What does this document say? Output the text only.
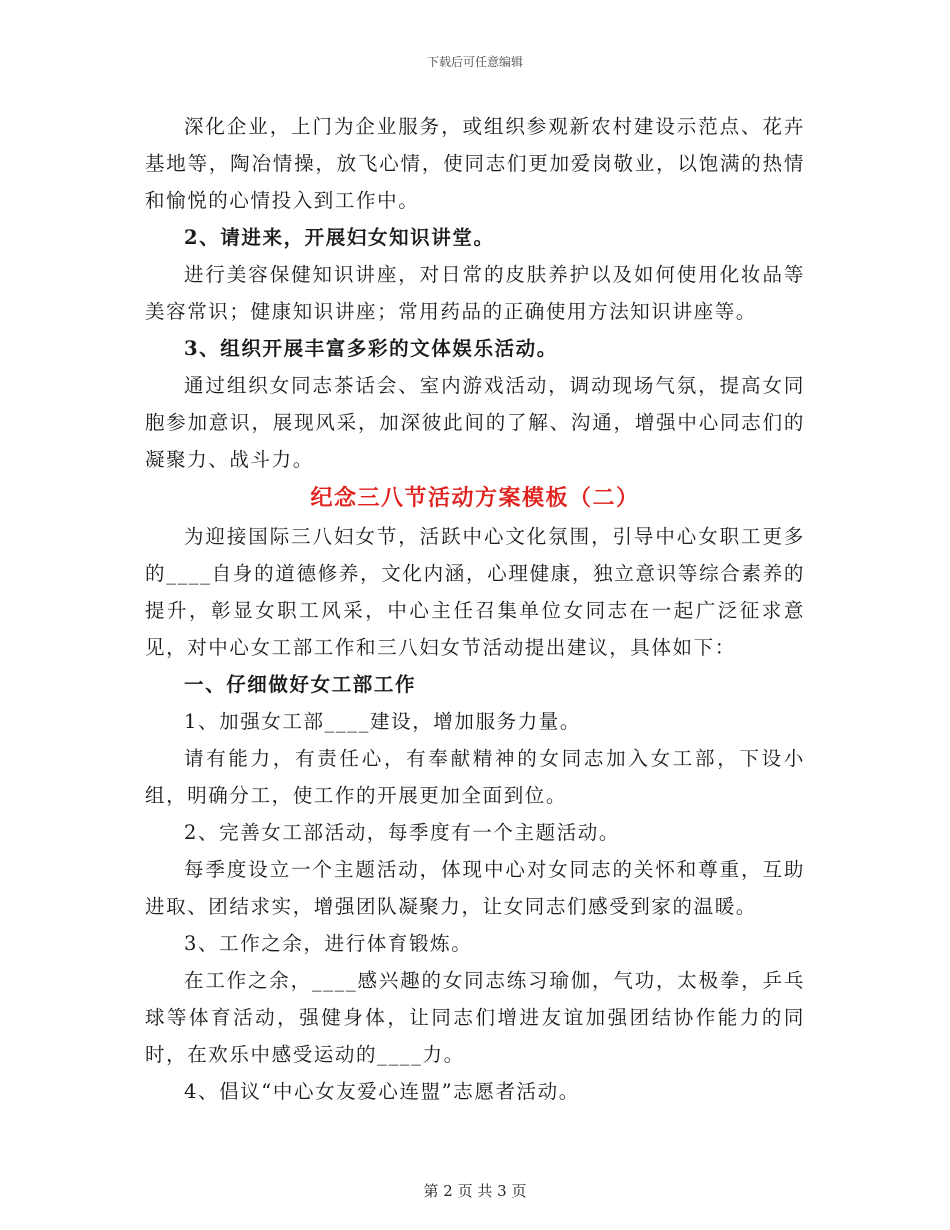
下载后可任意编辑

深化企业，上门为企业服务，或组织参观新农村建设示范点、花卉基地等，陶冶情操，放飞心情，使同志们更加爱岗敬业，以饱满的热情和愉悦的心情投入到工作中。

2、请进来，开展妇女知识讲堂。

进行美容保健知识讲座，对日常的皮肤养护以及如何使用化妆品等美容常识；健康知识讲座；常用药品的正确使用方法知识讲座等。

3、组织开展丰富多彩的文体娱乐活动。

通过组织女同志茶话会、室内游戏活动，调动现场气氛，提高女同胞参加意识，展现风采，加深彼此间的了解、沟通，增强中心同志们的凝聚力、战斗力。

纪念三八节活动方案模板（二）

为迎接国际三八妇女节，活跃中心文化氛围，引导中心女职工更多的____自身的道德修养，文化内涵，心理健康，独立意识等综合素养的提升，彰显女职工风采，中心主任召集单位女同志在一起广泛征求意见，对中心女工部工作和三八妇女节活动提出建议，具体如下：

一、仔细做好女工部工作

1、加强女工部____建设，增加服务力量。

请有能力，有责任心，有奉献精神的女同志加入女工部，下设小组，明确分工，使工作的开展更加全面到位。

2、完善女工部活动，每季度有一个主题活动。

每季度设立一个主题活动，体现中心对女同志的关怀和尊重，互助进取、团结求实，增强团队凝聚力，让女同志们感受到家的温暖。

3、工作之余，进行体育锻炼。

在工作之余，____感兴趣的女同志练习瑜伽，气功，太极拳，乒乓球等体育活动，强健身体，让同志们增进友谊加强团结协作能力的同时，在欢乐中感受运动的____力。

4、倡议“中心女友爱心连盟”志愿者活动。

第 2 页 共 3 页
